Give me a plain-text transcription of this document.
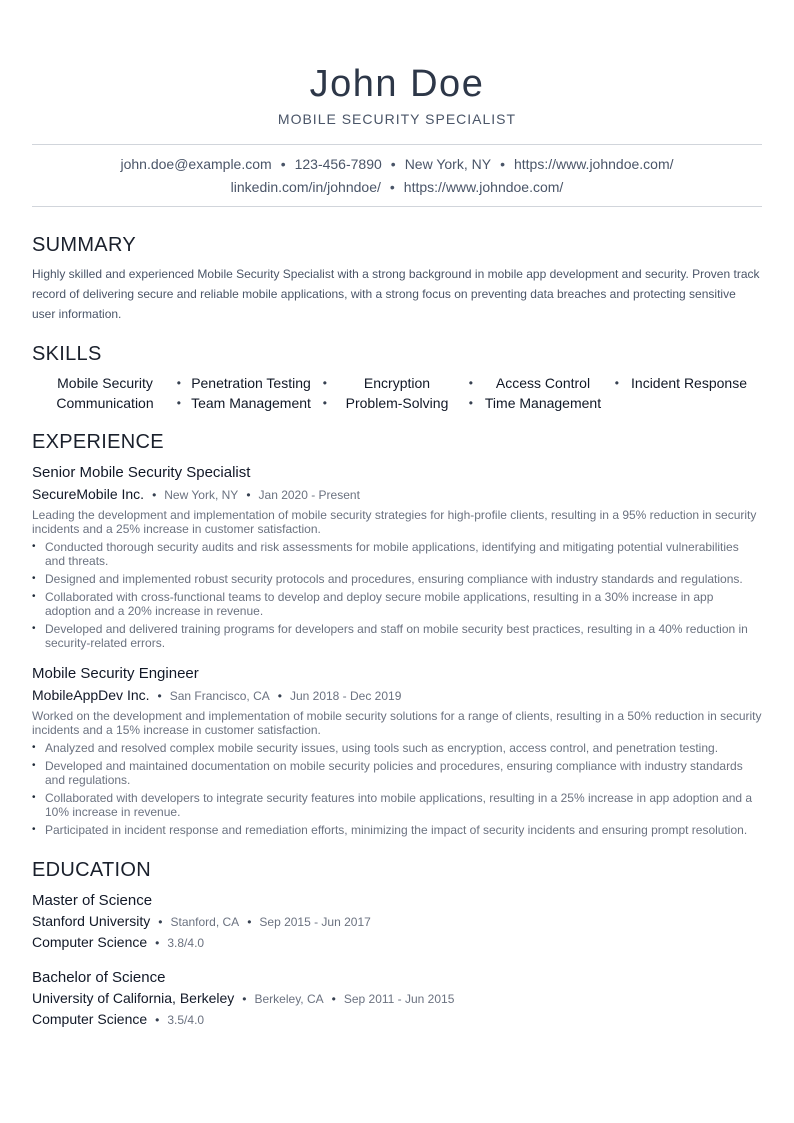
John Doe
MOBILE SECURITY SPECIALIST
john.doe@example.com • 123-456-7890 • New York, NY • https://www.johndoe.com/
linkedin.com/in/johndoe/ • https://www.johndoe.com/
SUMMARY
Highly skilled and experienced Mobile Security Specialist with a strong background in mobile app development and security. Proven track record of delivering secure and reliable mobile applications, with a strong focus on preventing data breaches and protecting sensitive user information.
SKILLS
Mobile Security • Penetration Testing •	Encryption	•	Access Control • Incident Response
Communication • Team Management •	Problem-Solving • Time Management
EXPERIENCE
Senior Mobile Security Specialist
SecureMobile Inc. • New York, NY • Jan 2020 - Present
Leading the development and implementation of mobile security strategies for high-profile clients, resulting in a 95% reduction in security incidents and a 25% increase in customer satisfaction.
• Conducted thorough security audits and risk assessments for mobile applications, identifying and mitigating potential vulnerabilities and threats.
• Designed and implemented robust security protocols and procedures, ensuring compliance with industry standards and regulations.
• Collaborated with cross-functional teams to develop and deploy secure mobile applications, resulting in a 30% increase in app adoption and a 20% increase in revenue.
• Developed and delivered training programs for developers and staff on mobile security best practices, resulting in a 40% reduction in security-related errors.
Mobile Security Engineer
MobileAppDev Inc. • San Francisco, CA • Jun 2018 - Dec 2019
Worked on the development and implementation of mobile security solutions for a range of clients, resulting in a 50% reduction in security incidents and a 15% increase in customer satisfaction.
• Analyzed and resolved complex mobile security issues, using tools such as encryption, access control, and penetration testing.
• Developed and maintained documentation on mobile security policies and procedures, ensuring compliance with industry standards and regulations.
• Collaborated with developers to integrate security features into mobile applications, resulting in a 25% increase in app adoption and a 10% increase in revenue.
• Participated in incident response and remediation efforts, minimizing the impact of security incidents and ensuring prompt resolution.
EDUCATION
Master of Science
Stanford University • Stanford, CA • Sep 2015 - Jun 2017
Computer Science • 3.8/4.0
Bachelor of Science
University of California, Berkeley • Berkeley, CA • Sep 2011 - Jun 2015
Computer Science • 3.5/4.0
